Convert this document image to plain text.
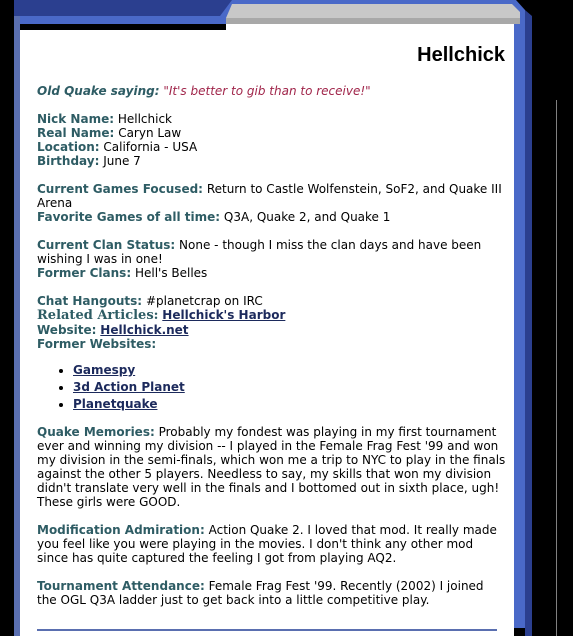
Hellchick

Old Quake saying: "It's better to gib than to receive!"

Nick Name: Hellchick

Real Name: Caryn Law

Location: California - USA

Birthday: June 7

Current Games Focused: Return to Castle Wolfenstein, SoF2, and Quake III Arena

Favorite Games of all time: Q3A, Quake 2, and Quake 1

Current Clan Status: None - though I miss the clan days and have been wishing I was in one!

Former Clans: Hell's Belles

Chat Hangouts: #planetcrap on IRC

Related Articles: Hellchick's Harbor

Website: Hellchick.net

Former Websites:

• Gamespy
• 3d Action Planet
• Planetquake

Quake Memories: Probably my fondest was playing in my first tournament ever and winning my division -- I played in the Female Frag Fest '99 and won my division in the semi-finals, which won me a trip to NYC to play in the finals against the other 5 players. Needless to say, my skills that won my division didn't translate very well in the finals and I bottomed out in sixth place, ugh! These girls were GOOD.

Modification Admiration: Action Quake 2. I loved that mod. It really made you feel like you were playing in the movies. I don't think any other mod since has quite captured the feeling I got from playing AQ2.

Tournament Attendance: Female Frag Fest '99. Recently (2002) I joined the OGL Q3A ladder just to get back into a little competitive play.
